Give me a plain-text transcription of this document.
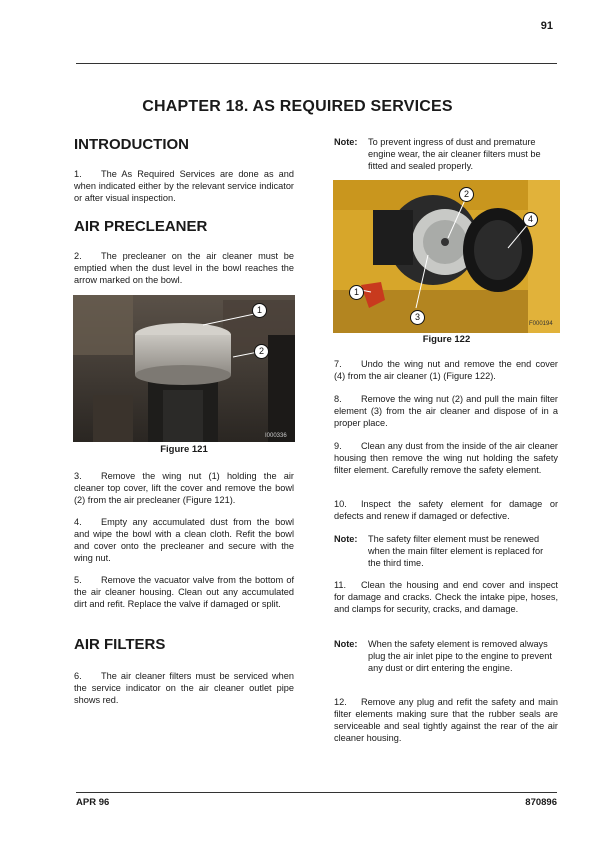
91
CHAPTER 18. AS REQUIRED SERVICES
INTRODUCTION
1. The As Required Services are done as and when indicated either by the relevant service indicator or after visual inspection.
AIR PRECLEANER
2. The precleaner on the air cleaner must be emptied when the dust level in the bowl reaches the arrow marked on the bowl.
1
2
I000336
Figure 121
3. Remove the wing nut (1) holding the air cleaner top cover, lift the cover and remove the bowl (2) from the air precleaner (Figure 121).
4. Empty any accumulated dust from the bowl and wipe the bowl with a clean cloth. Refit the bowl and cover onto the precleaner and secure with the wing nut.
5. Remove the vacuator valve from the bottom of the air cleaner housing. Clean out any accumulated dirt and refit. Replace the valve if damaged or split.
AIR FILTERS
6. The air cleaner filters must be serviced when the service indicator on the air cleaner outlet pipe shows red.
Note:	To prevent ingress of dust and premature engine wear, the air cleaner filters must be fitted and sealed properly.
2
4
1
3
F000194
Figure 122
7. Undo the wing nut and remove the end cover (4) from the air cleaner (1) (Figure 122).
8. Remove the wing nut (2) and pull the main filter element (3) from the air cleaner and dispose of in a proper place.
9. Clean any dust from the inside of the air cleaner housing then remove the wing nut holding the safety filter element. Carefully remove the safety element.
10. Inspect the safety element for damage or defects and renew if damaged or defective.
Note:	The safety filter element must be renewed when the main filter element is replaced for the third time.
11. Clean the housing and end cover and inspect for damage and cracks. Check the intake pipe, hoses, and clamps for security, cracks, and damage.
Note:	When the safety element is removed always plug the air inlet pipe to the engine to prevent any dust or dirt entering the engine.
12. Remove any plug and refit the safety and main filter elements making sure that the rubber seals are serviceable and seal tightly against the rear of the air cleaner housing.
APR 96	870896
